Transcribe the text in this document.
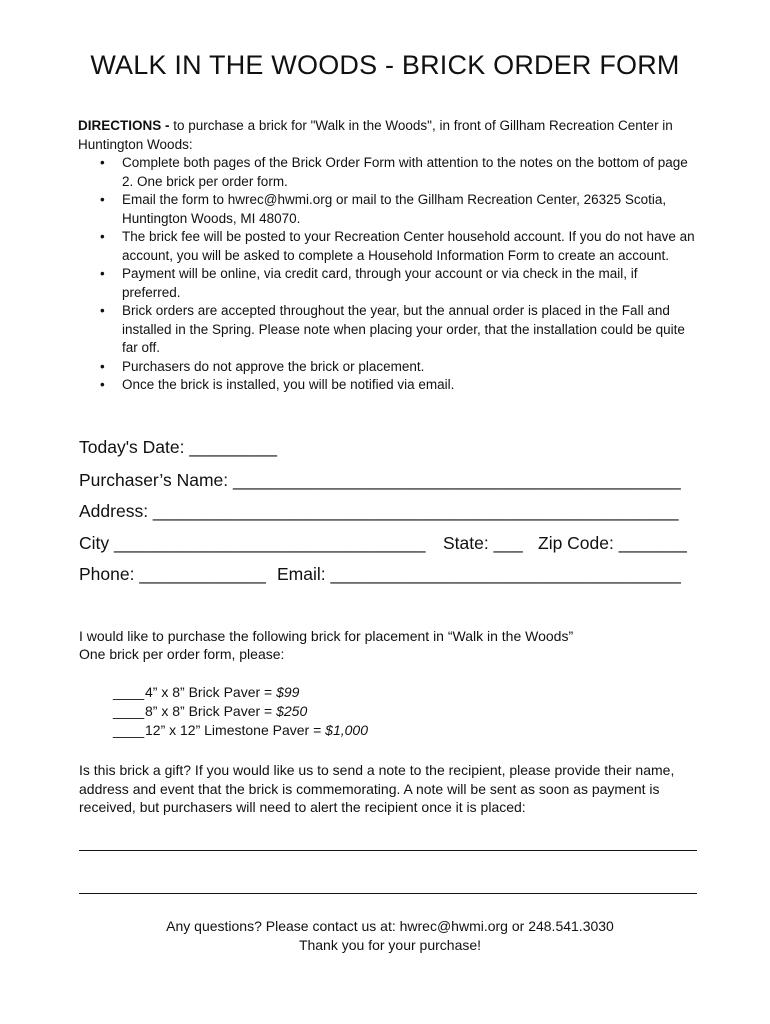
WALK IN THE WOODS - BRICK ORDER FORM
DIRECTIONS - to purchase a brick for "Walk in the Woods", in front of Gillham Recreation Center in Huntington Woods:
• Complete both pages of the Brick Order Form with attention to the notes on the bottom of page 2. One brick per order form.
• Email the form to hwrec@hwmi.org or mail to the Gillham Recreation Center, 26325 Scotia, Huntington Woods, MI 48070.
• The brick fee will be posted to your Recreation Center household account. If you do not have an account, you will be asked to complete a Household Information Form to create an account.
• Payment will be online, via credit card, through your account or via check in the mail, if preferred.
• Brick orders are accepted throughout the year, but the annual order is placed in the Fall and installed in the Spring. Please note when placing your order, that the installation could be quite far off.
• Purchasers do not approve the brick or placement.
• Once the brick is installed, you will be notified via email.
Today's Date: _________
Purchaser’s Name: ______________________________________________
Address: ______________________________________________________
City ________________________________ State: ___ Zip Code: _______
Phone: _____________ Email: ____________________________________
I would like to purchase the following brick for placement in “Walk in the Woods”
One brick per order form, please:
____4” x 8” Brick Paver = $99
____8” x 8” Brick Paver = $250
____12” x 12” Limestone Paver = $1,000
Is this brick a gift? If you would like us to send a note to the recipient, please provide their name, address and event that the brick is commemorating. A note will be sent as soon as payment is received, but purchasers will need to alert the recipient once it is placed:
Any questions? Please contact us at: hwrec@hwmi.org or 248.541.3030
Thank you for your purchase!
